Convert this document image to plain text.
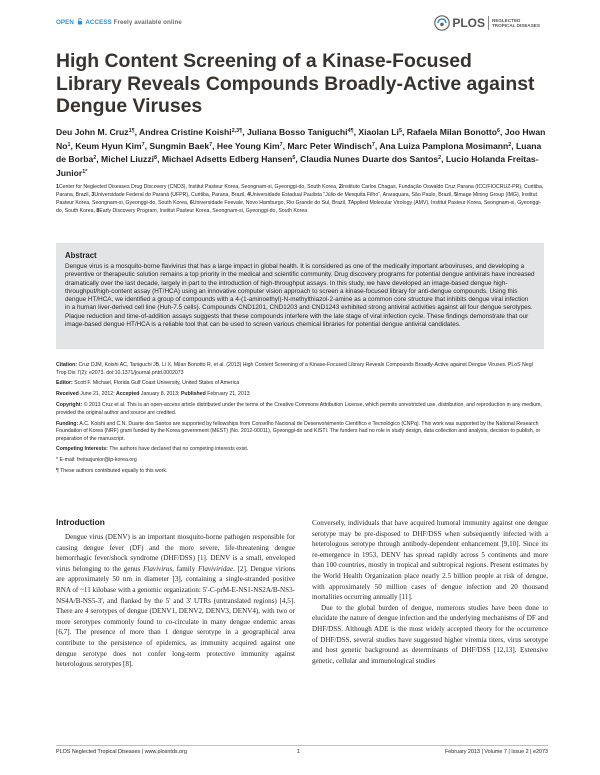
OPEN ACCESS Freely available online	PLOS NEGLECTED
TROPICAL DISEASES
High Content Screening of a Kinase-Focused Library Reveals Compounds Broadly-Active against Dengue Viruses
Deu John M. Cruz$^{1\P}$, Andrea Cristine Koishi$^{2,3\P}$, Juliana Bosso Taniguchi$^{4\P}$, Xiaolan Li$^5$, Rafaela Milan Bonotto$^6$, Joo Hwan No$^1$, Keum Hyun Kim$^7$, Sungmin Baek$^7$, Hee Young Kim$^7$, Marc Peter Windisch$^7$, Ana Luiza Pamplona Mosimann$^2$, Luana de Borba$^2$, Michel Liuzzi$^8$, Michael Adsetts Edberg Hansen$^5$, Claudia Nunes Duarte dos Santos$^2$, Lucio Holanda Freitas-Junior$^{1*}$
1Center for Neglected Diseases Drug Discovery (CND3), Institut Pasteur Korea, Seongnam-si, Gyeonggi-do, South Korea, 2Instituto Carlos Chagas, Fundação Oswaldo Cruz Parana (ICC/FIOCRUZ-PR), Curitiba, Parana, Brazil, 3Universidade Federal do Paraná (UFPR), Curitiba, Parana, Brazil, 4Universidade Estadual Paulista "Júlio de Mesquita Filho", Araraquara, São Paulo, Brazil, 5Image Mining Group (IMG), Institut Pasteur Korea, Seongnam-si, Gyeonggi-do, South Korea, 6Universidade Feevale, Novo Hamburgo, Rio Grande do Sul, Brazil, 7Applied Molecular Virology (AMV), Institut Pasteur Korea, Seongnam-si, Gyeonggi-do, South Korea, 8Early Discovery Program, Institut Pasteur Korea, Seongnam-si, Gyeonggi-do, South Korea
Abstract
Dengue virus is a mosquito-borne flavivirus that has a large impact in global health. It is considered as one of the medically important arboviruses, and developing a preventive or therapeutic solution remains a top priority in the medical and scientific community. Drug discovery programs for potential dengue antivirals have increased dramatically over the last decade, largely in part to the introduction of high-throughput assays. In this study, we have developed an image-based dengue high-throughput/high-content assay (HT/HCA) using an innovative computer vision approach to screen a kinase-focused library for anti-dengue compounds. Using this dengue HT/HCA, we identified a group of compounds with a 4-(1-aminoethyl)-N-methylthiazol-2-amine as a common core structure that inhibits dengue viral infection in a human liver-derived cell line (Huh-7.5 cells). Compounds CND1201, CND1203 and CND1243 exhibited strong antiviral activities against all four dengue serotypes. Plaque reduction and time-of-addition assays suggests that these compounds interfere with the late stage of viral infection cycle. These findings demonstrate that our image-based dengue HT/HCA is a reliable tool that can be used to screen various chemical libraries for potential dengue antiviral candidates.

Citation: Cruz DJM, Koishi AC, Taniguchi JB, Li X, Milan Bonotto R, et al. (2013) High Content Screening of a Kinase-Focused Library Reveals Compounds Broadly-Active against Dengue Viruses. PLoS Negl Trop Dis 7(2): e2073. doi:10.1371/journal.pntd.0002073

Editor: Scott F. Michael, Florida Gulf Coast University, United States of America

Received June 21, 2012; Accepted January 8, 2013; Published February 21, 2013

Copyright: © 2013 Cruz et al. This is an open-access article distributed under the terms of the Creative Commons Attribution License, which permits unrestricted use, distribution, and reproduction in any medium, provided the original author and source are credited.

Funding: A.C. Koishi and C.N. Duarte dos Santos are supported by fellowships from Conselho Nacional de Desenvolvimento Científico e Tecnológico (CNPq). This work was supported by the National Research Foundation of Korea (NRF) grant funded by the Korea government (MEST) (No. 2012-00011), Gyeonggi-do and KISTI. The funders had no role in study design, data collection and analysis, decision to publish, or preparation of the manuscript.

Competing Interests: The authors have declared that no competing interests exist.

* E-mail: freitasjunior@ip-korea.org

¶ These authors contributed equally to this work.

Introduction
Dengue virus (DENV) is an important mosquito-borne pathogen responsible for causing dengue fever (DF) and the more severe, life-threatening dengue hemorrhagic fever/shock syndrome (DHF/DSS) [1]. DENV is a small, enveloped virus belonging to the genus Flavivirus, family Flaviviridae. [2]. Dengue virions are approximately 50 nm in diameter [3], containing a single-stranded positive RNA of ~11 kilobase with a genomic organization: 5'-C-prM-E-NS1-NS2A/B-NS3-NS4A/B-NS5-3', and flanked by the 5' and 3' UTRs (untranslated regions) [4,5]. There are 4 serotypes of dengue (DENV1, DENV2, DENV3, DENV4), with two or more serotypes commonly found to co-circulate in many dengue endemic areas [6,7]. The presence of more than 1 dengue serotype in a geographical area contribute to the persistence of epidemics, as immunity acquired against one dengue serotype does not confer long-term protective immunity against heterologous serotypes [8].

Conversely, individuals that have acquired humoral immunity against one dengue serotype may be pre-disposed to DHF/DSS when subsequently infected with a heterologous serotype through antibody-dependent enhancement [9,10]. Since its re-emergence in 1953, DENV has spread rapidly across 5 continents and more than 100 countries, mostly in tropical and subtropical regions. Present estimates by the World Health Organization place nearly 2.5 billion people at risk of dengue, with approximately 50 million cases of dengue infection and 20 thousand mortalities occurring annually [11].

Due to the global burden of dengue, numerous studies have been done to elucidate the nature of dengue infection and the underlying mechanisms of DF and DHF/DSS. Although ADE is the most widely accepted theory for the occurrence of DHF/DSS, several studies have suggested higher viremia titers, virus serotype and host genetic background as determinants of DHF/DSS [12,13]. Extensive genetic, cellular and immunological studies

PLOS Neglected Tropical Diseases | www.plosntds.org	1	February 2013 | Volume 7 | Issue 2 | e2073
